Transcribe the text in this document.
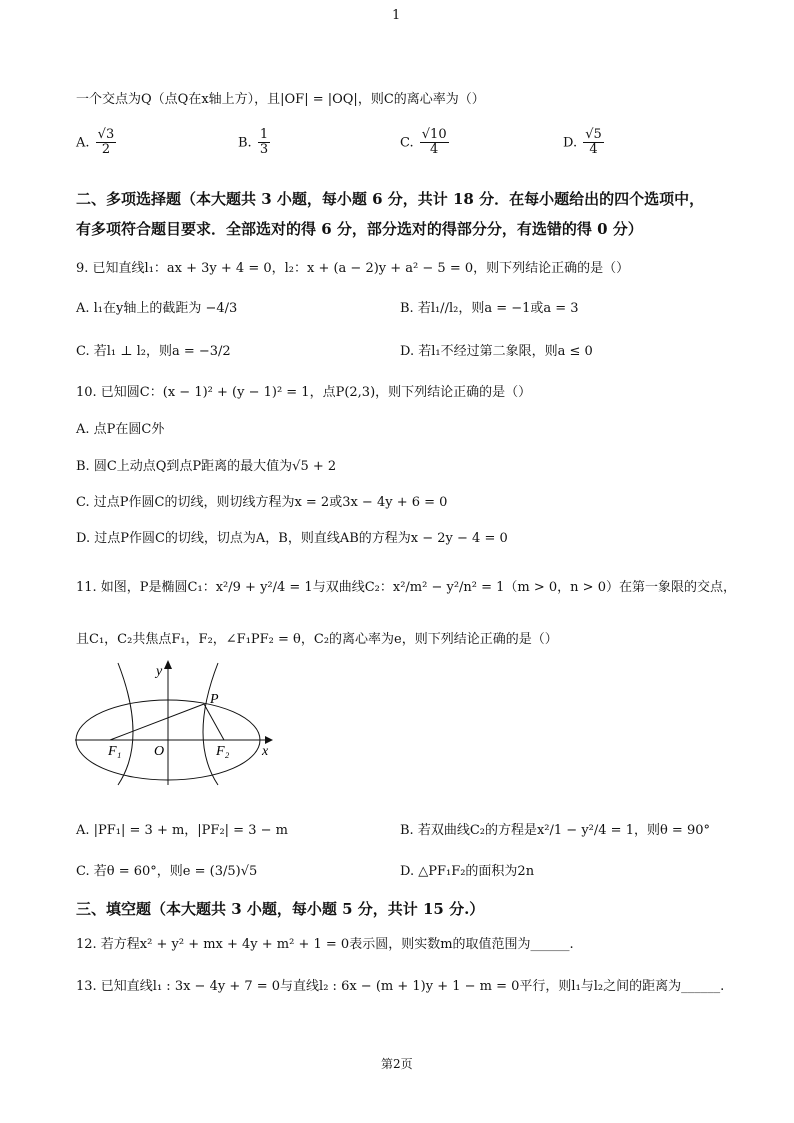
1
一个交点为Q（点Q在x轴上方），且|OF| = |OQ|，则C的离心率为（）
A. $\frac{√3}{2}$	B. $\frac{1}{3}$	C. $\frac{√10}{4}$	D. $\frac{√5}{4}$
二、多项选择题（本大题共 3 小题，每小题 6 分，共计 18 分．在每小题给出的四个选项中，
有多项符合题目要求．全部选对的得 6 分，部分选对的得部分分，有选错的得 0 分）
9. 已知直线l₁：ax + 3y + 4 = 0，l₂：x + (a − 2)y + a² − 5 = 0，则下列结论正确的是（）
A. l₁在y轴上的截距为 −4/3	B. 若l₁//l₂，则a = −1或a = 3
C. 若l₁ ⊥ l₂，则a = −3/2	D. 若l₁不经过第二象限，则a ≤ 0
10. 已知圆C：(x − 1)² + (y − 1)² = 1，点P(2,3)，则下列结论正确的是（）
A. 点P在圆C外
B. 圆C上动点Q到点P距离的最大值为√5 + 2
C. 过点P作圆C的切线，则切线方程为x = 2或3x − 4y + 6 = 0
D. 过点P作圆C的切线，切点为A，B，则直线AB的方程为x − 2y − 4 = 0
11. 如图，P是椭圆C₁：x²/9 + y²/4 = 1与双曲线C₂：x²/m² − y²/n² = 1（m > 0，n > 0）在第一象限的交点，
且C₁，C₂共焦点F₁，F₂，∠F₁PF₂ = θ，C₂的离心率为e，则下列结论正确的是（）
y
P
F₁ O	F₂ x
A. |PF₁| = 3 + m，|PF₂| = 3 − m	B. 若双曲线C₂的方程是x²/1 − y²/4 = 1，则θ = 90°
C. 若θ = 60°，则e = (3/5)√5	D. △PF₁F₂的面积为2n
三、填空题（本大题共 3 小题，每小题 5 分，共计 15 分.）
12. 若方程x² + y² + mx + 4y + m² + 1 = 0表示圆，则实数m的取值范围为______.
13. 已知直线l₁ : 3x − 4y + 7 = 0与直线l₂ : 6x − (m + 1)y + 1 − m = 0平行，则l₁与l₂之间的距离为______.
第2页
